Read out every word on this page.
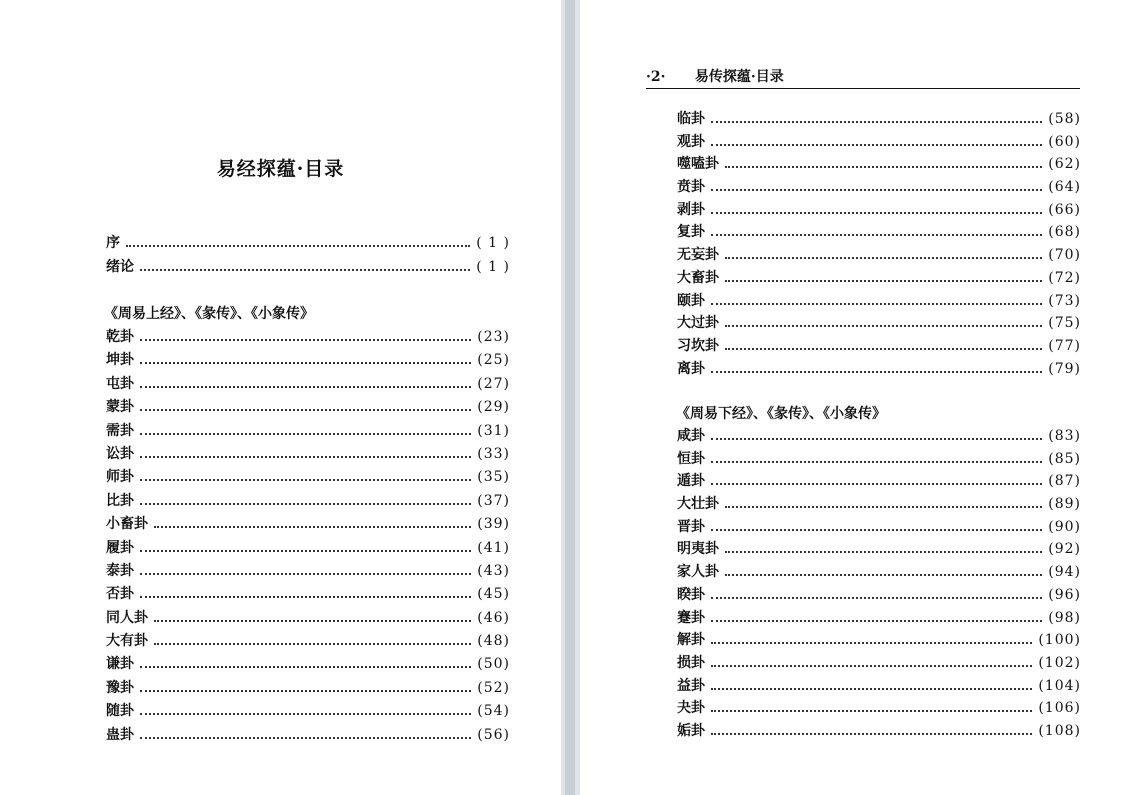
易经探蕴·目录
序	( 1 )
绪论	( 1 )
《周易上经》、《彖传》、《小象传》
乾卦	(23)
坤卦	(25)
屯卦	(27)
蒙卦	(29)
需卦	(31)
讼卦	(33)
师卦	(35)
比卦	(37)
小畜卦	(39)
履卦	(41)
泰卦	(43)
否卦	(45)
同人卦	(46)
大有卦	(48)
谦卦	(50)
豫卦	(52)
随卦	(54)
蛊卦	(56)
·2· 易传探蕴·目录
临卦	(58)
观卦	(60)
噬嗑卦	(62)
贲卦	(64)
剥卦	(66)
复卦	(68)
无妄卦	(70)
大畜卦	(72)
颐卦	(73)
大过卦	(75)
习坎卦	(77)
离卦	(79)
《周易下经》、《彖传》、《小象传》
咸卦	(83)
恒卦	(85)
遁卦	(87)
大壮卦	(89)
晋卦	(90)
明夷卦	(92)
家人卦	(94)
睽卦	(96)
蹇卦	(98)
解卦	(100)
损卦	(102)
益卦	(104)
夬卦	(106)
姤卦	(108)
